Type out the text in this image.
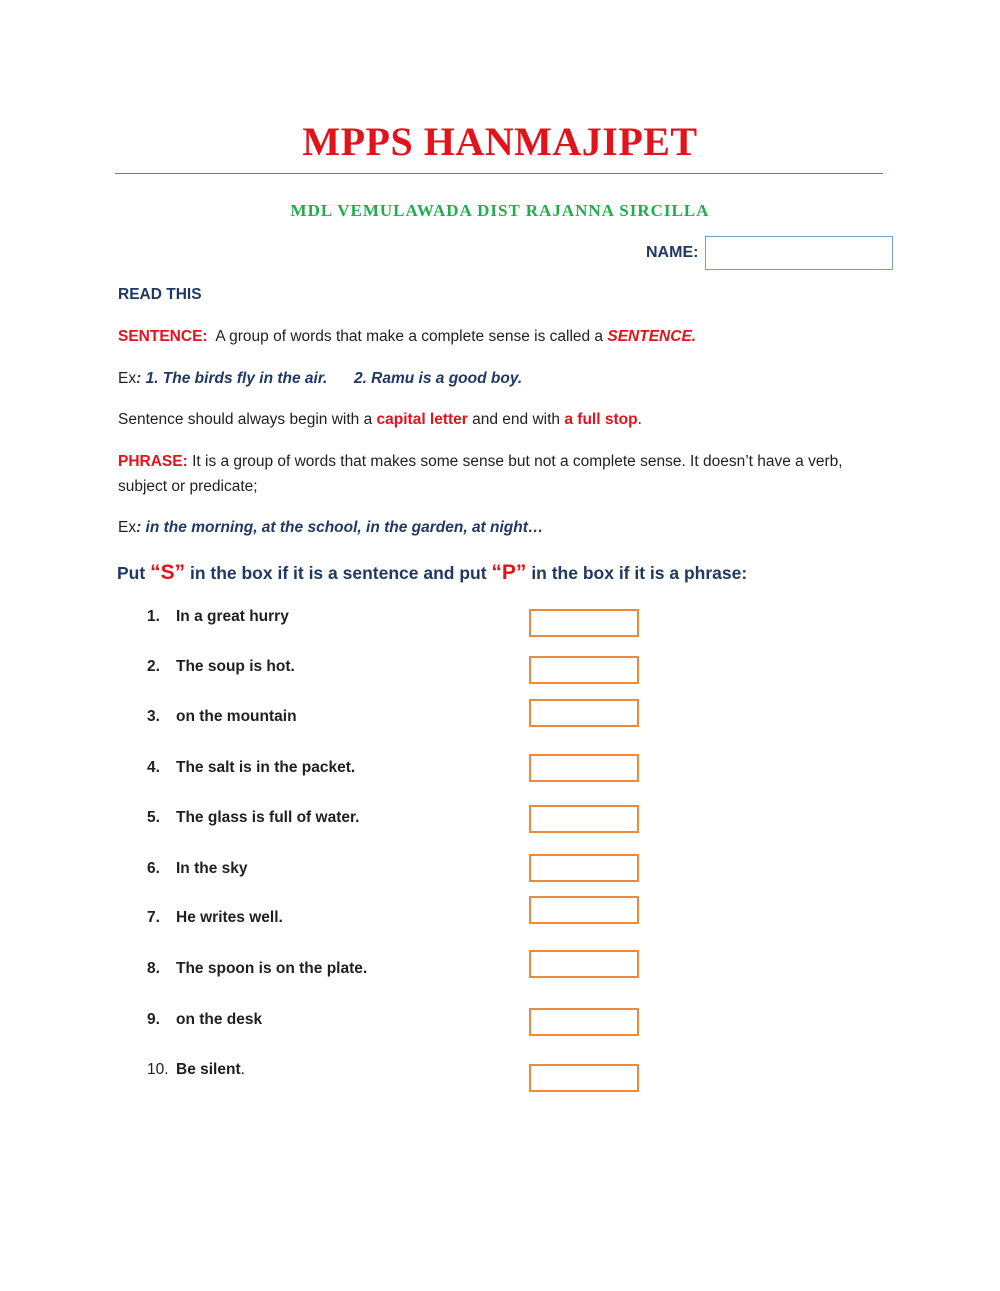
MPPS HANMAJIPET
MDL VEMULAWADA DIST RAJANNA SIRCILLA
NAME:
READ THIS
SENTENCE: A group of words that make a complete sense is called a SENTENCE.
Ex: 1. The birds fly in the air. 2. Ramu is a good boy.
Sentence should always begin with a capital letter and end with a full stop.
PHRASE: It is a group of words that makes some sense but not a complete sense. It doesn’t have a verb, subject or predicate;
Ex: in the morning, at the school, in the garden, at night…
Put “S” in the box if it is a sentence and put “P” in the box if it is a phrase:
1. In a great hurry
2. The soup is hot.
3. on the mountain
4. The salt is in the packet.
5. The glass is full of water.
6. In the sky
7. He writes well.
8. The spoon is on the plate.
9. on the desk
10. Be silent.
